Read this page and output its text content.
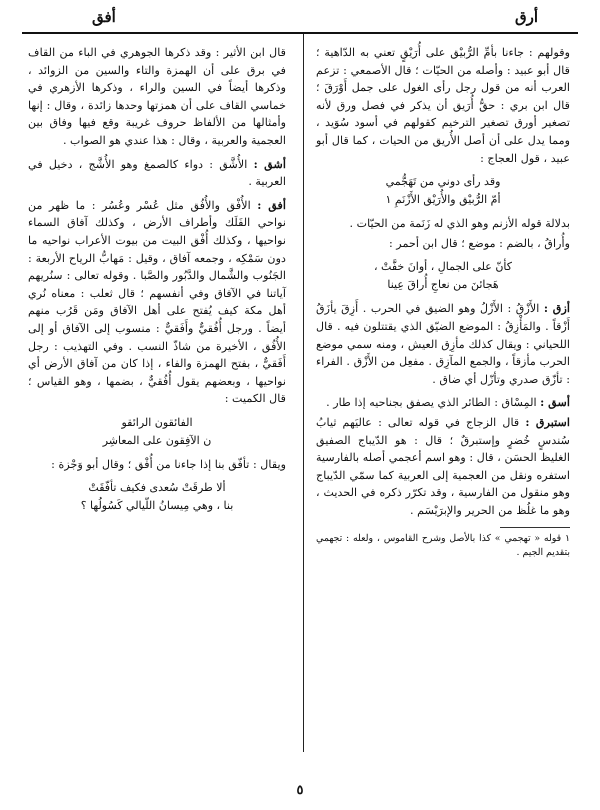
أرق
أفق

وقولهم : جاءنا بأمِّ الرُّبيْق على أُرَيْقٍ تعني به الدّاهية ؛ قال أبو عبيد : وأصله من الحيّات ؛ قال الأصمعي : تزعم العرب أنه من قول رجل رأى الغول على جمل أَوْرَقَ ؛ قال ابن بري : حقُّ أُرَيق أن يذكر في فصل ورق لأنه تصغير أورق تصغير الترخيم كقولهم في أسود سُوَيد ، ومما يدل على أن أصل الأُريق من الحيات ، كما قال أبو عبيد ، قول العجاج :

وقد رأى دوني من تَهَجُّمي
أمّ الرُّبيْق والأُرَيْق الأَزْنَمِ ١

بدلالة قوله الأزنم وهو الذي له زَنَمة من الحيّات .

وأُراقُ ، بالضم : موضع ؛ قال ابن أحمر :

كأنّ على الجمالِ ، أوانَ خفَّتْ ،
هَجائنَ من نعاجِ أُراقَ عِينا

أزق : الأَزْقُ : الأَزْلُ وهو الضيق في الحرب . أَزِقَ يأزَقُ أَزْقاً . والمَأْزِقُ : الموضع الضيّق الذي يقتتلون فيه . قال اللحياني : ويقال كذلك مأزِق العيش ، ومنه سمي موضع الحرب مأزقاً ، والجمع المآزِق . مفعِل من الأَزْق . الفراء : تأزّق صدري وتأزّل أي ضاق .

أسق : المِسْاق : الطائر الذي يصفق بجناحيه إذا طار .

استبرق : قال الزجاج في قوله تعالى : عاليَهم ثيابُ سُندسٍ خُضرٍ وإستبرقٌ ؛ قال : هو الدّيباج الصفيق الغليظ الحسَن ، قال : وهو اسم أعجمي أصله بالفارسية استفره ونقل من العجمية إلى العربية كما سمّي الدّيباج وهو منقول من الفارسية ، وقد تكرّر ذكره في الحديث ، وهو ما غلُظ من الحرير والإبرَيْسَم .

١ قوله « تهجمي » كذا بالأصل وشرح القاموس ، ولعله : تجهمي بتقديم الجيم .

قال ابن الأثير : وقد ذكرها الجوهري في الباء من القاف في برق على أن الهمزة والتاء والسين من الزوائد ، وذكرها أيضاً في السين والراء ، وذكرها الأزهري في خماسي القاف على أن همزتها وحدها زائدة ، وقال : إنها وأمثالها من الألفاظ حروف غريبة وقع فيها وفاق بين العجمية والعربية ، وقال : هذا عندي هو الصواب .

أشق : الأُشَّق : دواء كالصمغ وهو الأُشَّج ، دخيل في العربية .

أفق : الأُفْق والأُفُق مثل عُسْر وعُسُر : ما ظهر من نواحي الفَلَك وأطراف الأرض ، وكذلك آفاق السماء نواحيها ، وكذلك أُفْق البيت من بيوت الأعراب نواحيه ما دون سَمْكِه ، وجمعه آفاق ، وقيل : مَهابُّ الرياح الأربعة : الجَنُوب والشَّمال والدَّبُور والصَّبا . وقوله تعالى : سنُريهم آياتنا في الآفاق وفي أنفسهم ؛ قال ثعلب : معناه نُري أهل مكة كيف يُفتح على أهل الآفاق ومَن قَرُب منهم أيضاً . ورجل أُفُقيٌّ وأَفَقيٌّ : منسوب إلى الآفاق أو إلى الأُفُق ، الأخيرة من شاذّ النسب . وفي التهذيب : رجل أَفَقيٌّ ، بفتح الهمزة والفاء ، إذا كان من آفاق الأرض أي نواحيها ، وبعضهم يقول أُفُقيٌّ ، بضمها ، وهو القياس ؛ قال الكميت :

الفائقون الرائقو
ن الآفِقون على المعاشِر

ويقال : تأفّق بنا إذا جاءنا من أُفْق ؛ وقال أبو وَجْزة :

ألا طرقَتْ سُعدى فكيف تأفّقَتْ
بنا ، وهي مِيسانُ اللّيالي كَسُولُها ؟
٥
